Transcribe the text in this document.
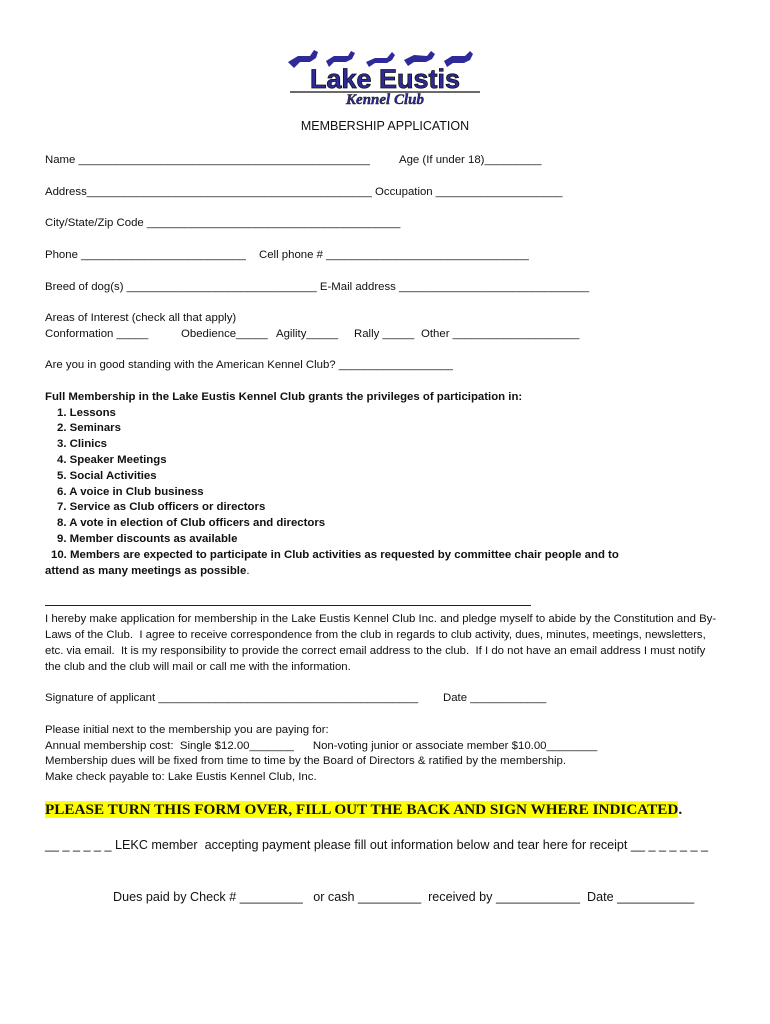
Lake Eustis
Kennel Club
MEMBERSHIP APPLICATION
Name ______________________________________________	Age (If under 18)_________
Address_____________________________________________ Occupation ____________________
City/State/Zip Code ________________________________________
Phone __________________________ Cell phone # ________________________________
Breed of dog(s) ______________________________ E-Mail address ______________________________
Areas of Interest (check all that apply)
Conformation _____	Obedience_____ Agility_____ Rally _____ Other ____________________
Are you in good standing with the American Kennel Club? __________________
Full Membership in the Lake Eustis Kennel Club grants the privileges of participation in:
1. Lessons
2. Seminars
3. Clinics
4. Speaker Meetings
5. Social Activities
6. A voice in Club business
7. Service as Club officers or directors
8. A vote in election of Club officers and directors
9. Member discounts as available
10. Members are expected to participate in Club activities as requested by committee chair people and to
attend as many meetings as possible.
I hereby make application for membership in the Lake Eustis Kennel Club Inc. and pledge myself to abide by the Constitution and By-
Laws of the Club.  I agree to receive correspondence from the club in regards to club activity, dues, minutes, meetings, newsletters,
etc. via email.  It is my responsibility to provide the correct email address to the club.  If I do not have an email address I must notify
the club and the club will mail or call me with the information.
Signature of applicant _________________________________________ Date ____________
Please initial next to the membership you are paying for:
Annual membership cost:  Single $12.00_______      Non-voting junior or associate member $10.00________
Membership dues will be fixed from time to time by the Board of Directors & ratified by the membership.
Make check payable to: Lake Eustis Kennel Club, Inc.
PLEASE TURN THIS FORM OVER, FILL OUT THE BACK AND SIGN WHERE INDICATED.
__ _ _ _ _ _ LEKC member  accepting payment please fill out information below and tear here for receipt __ _ _ _ _ _ _
Dues paid by Check # _________   or cash _________  received by ____________  Date ___________
